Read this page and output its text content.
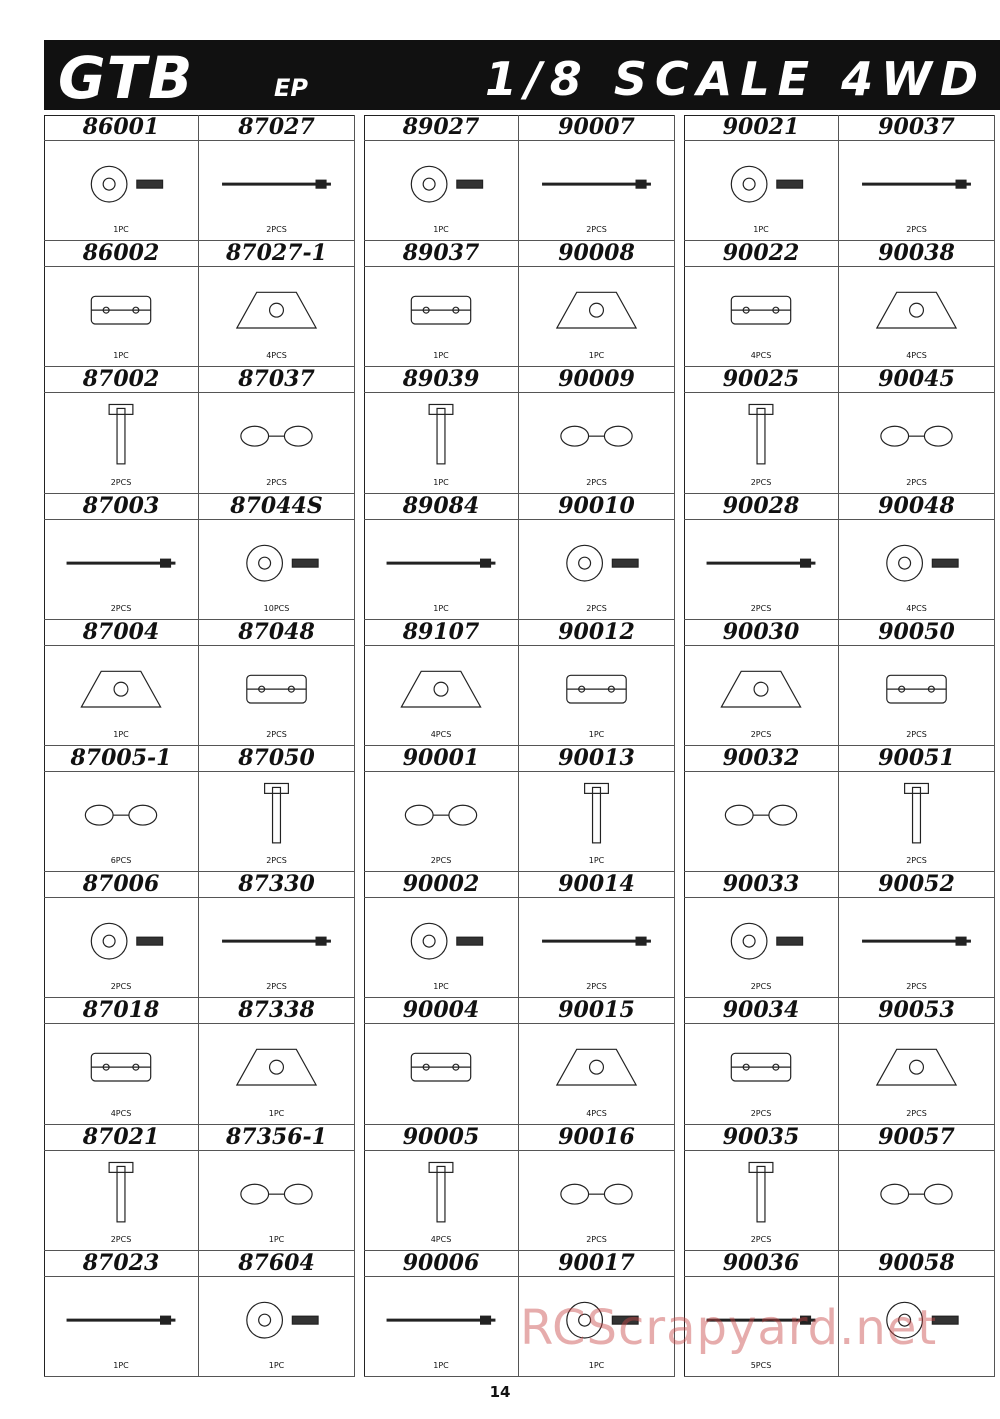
GTB	EP	1/8 SCALE 4WD
86001
1PC
86002
1PC
87002
2PCS
87003
2PCS
87004
1PC
87005-1
6PCS
87006
2PCS
87018
4PCS
87021
2PCS
87023
1PC
87027
2PCS
87027-1
4PCS
87037
2PCS
87044S
10PCS
87048
2PCS
87050
2PCS
87330
2PCS
87338
1PC
87356-1
1PC
87604
1PC
89027
1PC
89037
1PC
89039
1PC
89084
1PC
89107
4PCS
90001
2PCS
90002
1PC
90004
90005
4PCS
90006
1PC
90007
2PCS
90008
1PC
90009
2PCS
90010
2PCS
90012
1PC
90013
1PC
90014
2PCS
90015
4PCS
90016
2PCS
90017
1PC
90021
1PC
90022
4PCS
90025
2PCS
90028
2PCS
90030
2PCS
90032
90033
2PCS
90034
2PCS
90035
2PCS
90036
5PCS
90037
2PCS
90038
4PCS
90045
2PCS
90048
4PCS
90050
2PCS
90051
2PCS
90052
2PCS
90053
2PCS
90057
90058
14
RCScrapyard.net
